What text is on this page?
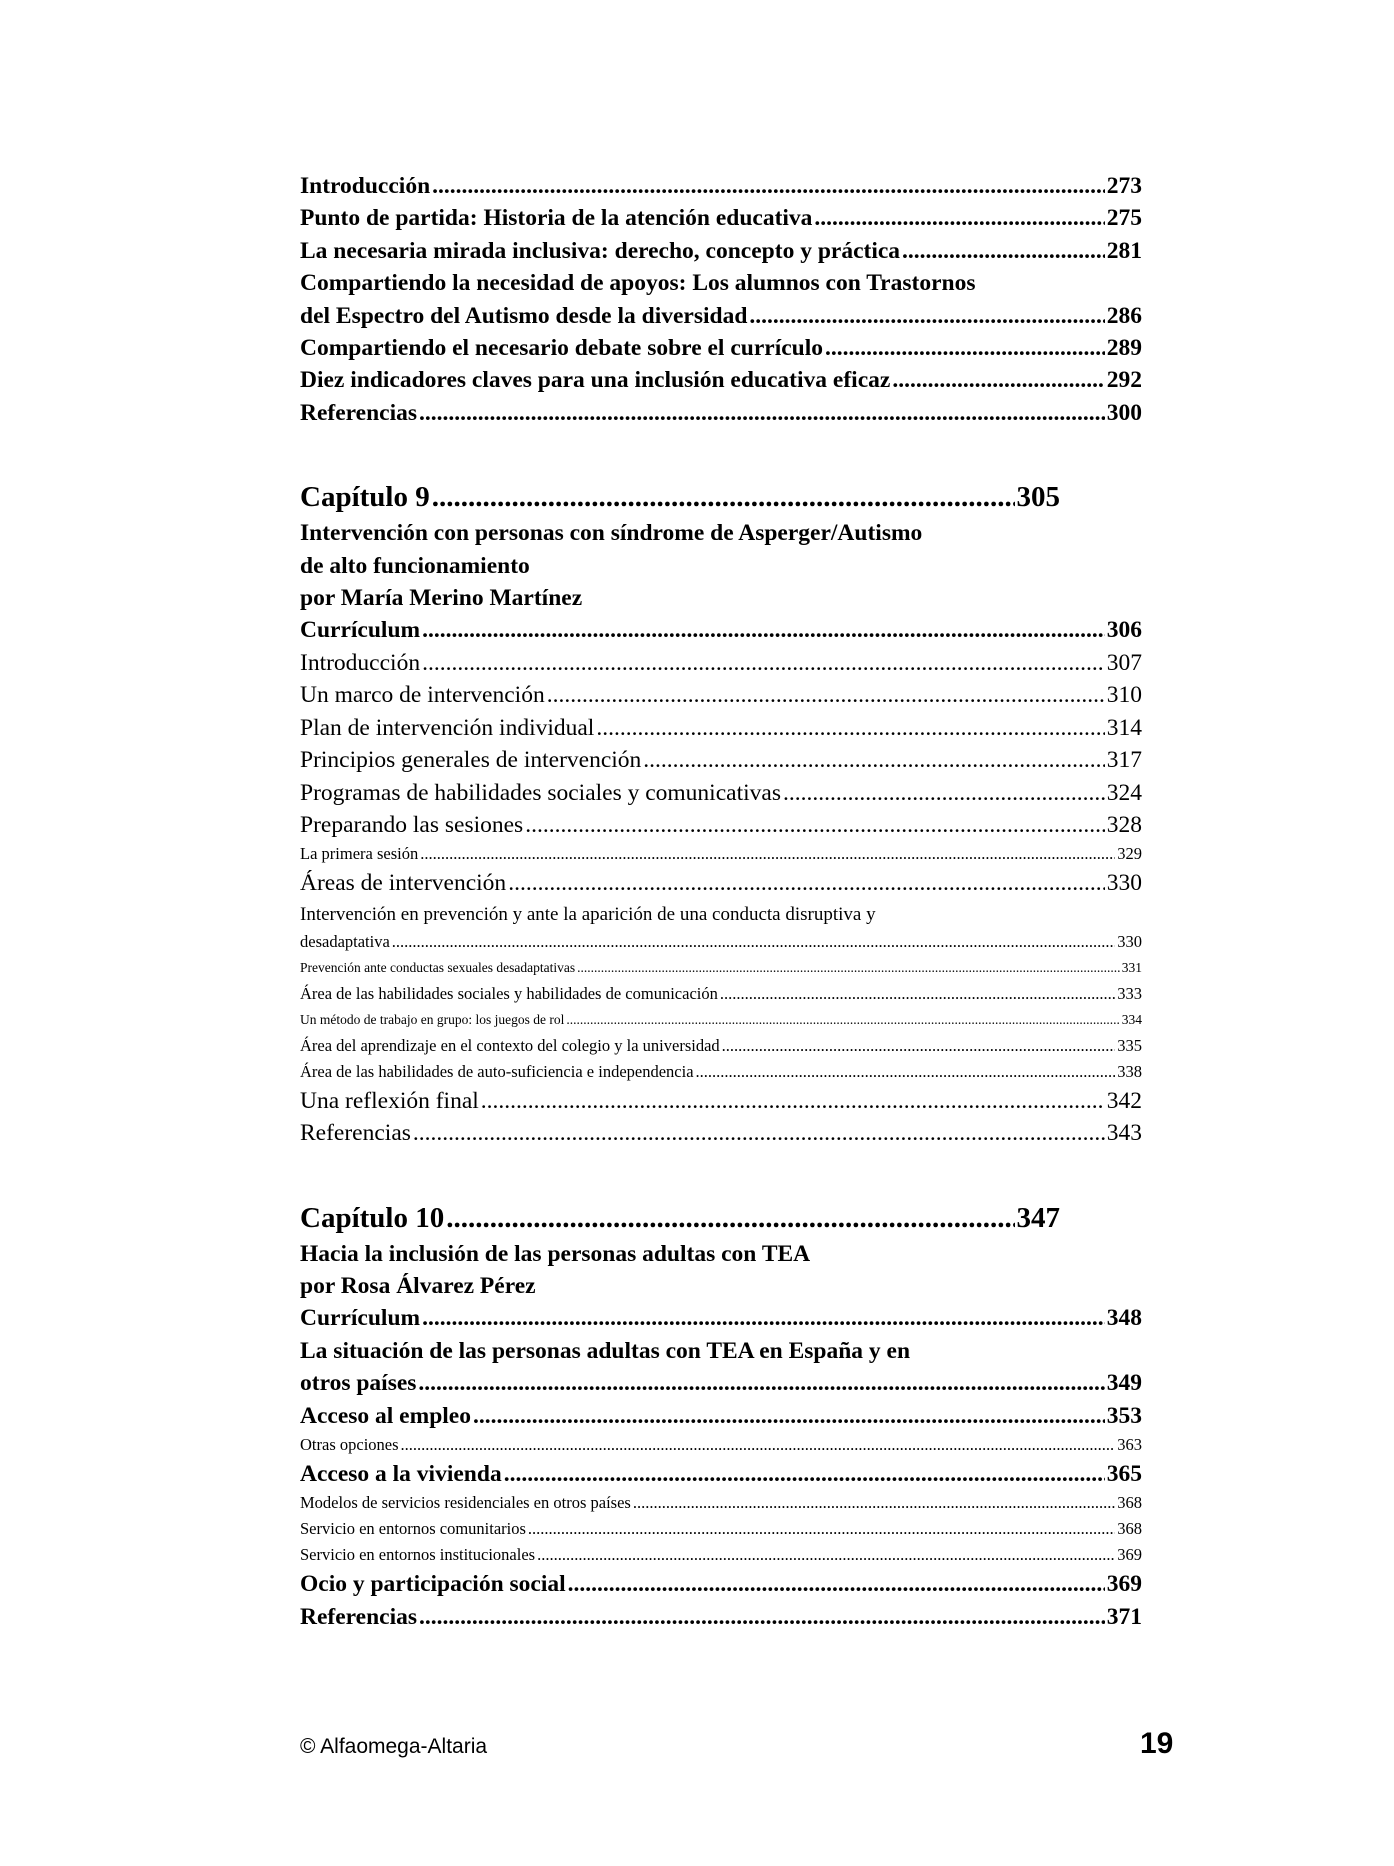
Introducción .....	273
Punto de partida: Historia de la atención educativa .....	275
La necesaria mirada inclusiva: derecho, concepto y práctica .....	281
Compartiendo la necesidad de apoyos: Los alumnos con Trastornos
del Espectro del Autismo desde la diversidad .....	286
Compartiendo el necesario debate sobre el currículo .....	289
Diez indicadores claves para una inclusión educativa eficaz .....	292
Referencias .....	300
Capítulo 9 .....	305
Intervención con personas con síndrome de Asperger/Autismo
de alto funcionamiento
por María Merino Martínez
Currículum .....	306
Introducción .....	307
Un marco de intervención .....	310
Plan de intervención individual .....	314
Principios generales de intervención .....	317
Programas de habilidades sociales y comunicativas .....	324
Preparando las sesiones .....	328
La primera sesión .....	329
Áreas de intervención .....	330
Intervención en prevención y ante la aparición de una conducta disruptiva y
desadaptativa .....	330
Prevención ante conductas sexuales desadaptativas .....	331
Área de las habilidades sociales y habilidades de comunicación .....	333
Un método de trabajo en grupo: los juegos de rol .....	334
Área del aprendizaje en el contexto del colegio y la universidad .....	335
Área de las habilidades de auto-suficiencia e independencia .....	338
Una reflexión final .....	342
Referencias .....	343
Capítulo 10 .....	347
Hacia la inclusión de las personas adultas con TEA
por Rosa Álvarez Pérez
Currículum .....	348
La situación de las personas adultas con TEA en España y en
otros países .....	349
Acceso al empleo .....	353
Otras opciones .....	363
Acceso a la vivienda .....	365
Modelos de servicios residenciales en otros países .....	368
Servicio en entornos comunitarios .....	368
Servicio en entornos institucionales .....	369
Ocio y participación social .....	369
Referencias .....	371
© Alfaomega-Altaria	19
